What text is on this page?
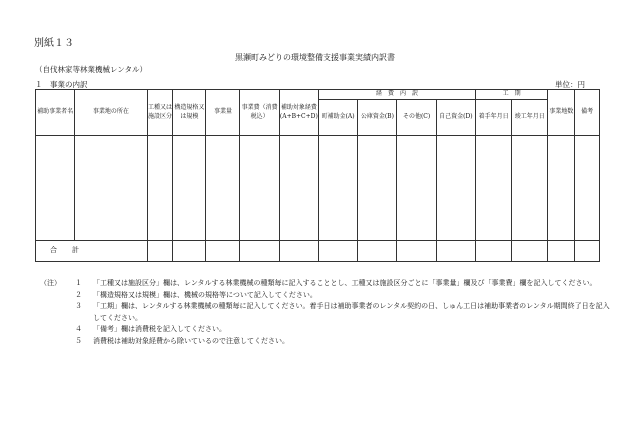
別紙１３
黒瀬町みどりの環境整備支援事業実績内訳書
（自伐林家等林業機械レンタル）
１　事業の内訳	単位：円
補助事業者名	事業地の所在	工種又は施設区分	構造規格又は規模	事業量	事業費（消費税込）	補助対象経費(A+B+C+D)	経　費　内　訳				工　期		事業地数	備考
							町補助金(A)	公庫資金(B)	その他(C)	自己資金(D)	着手年月日	竣工年月日		

合　計														
（注）	１	「工種又は施設区分」欄は、レンタルする林業機械の種類毎に記入することとし、工種又は施設区分ごとに「事業量」欄及び「事業費」欄を記入してください。
２	「構造規格又は規模」欄は、機械の規格等について記入してください。
３	「工期」欄は、レンタルする林業機械の種類毎に記入してください。着手日は補助事業者のレンタル契約の日、しゅん工日は補助事業者のレンタル期間終了日を記入してください。
４	「備考」欄は消費税を記入してください。
５	消費税は補助対象経費から除いているので注意してください。
